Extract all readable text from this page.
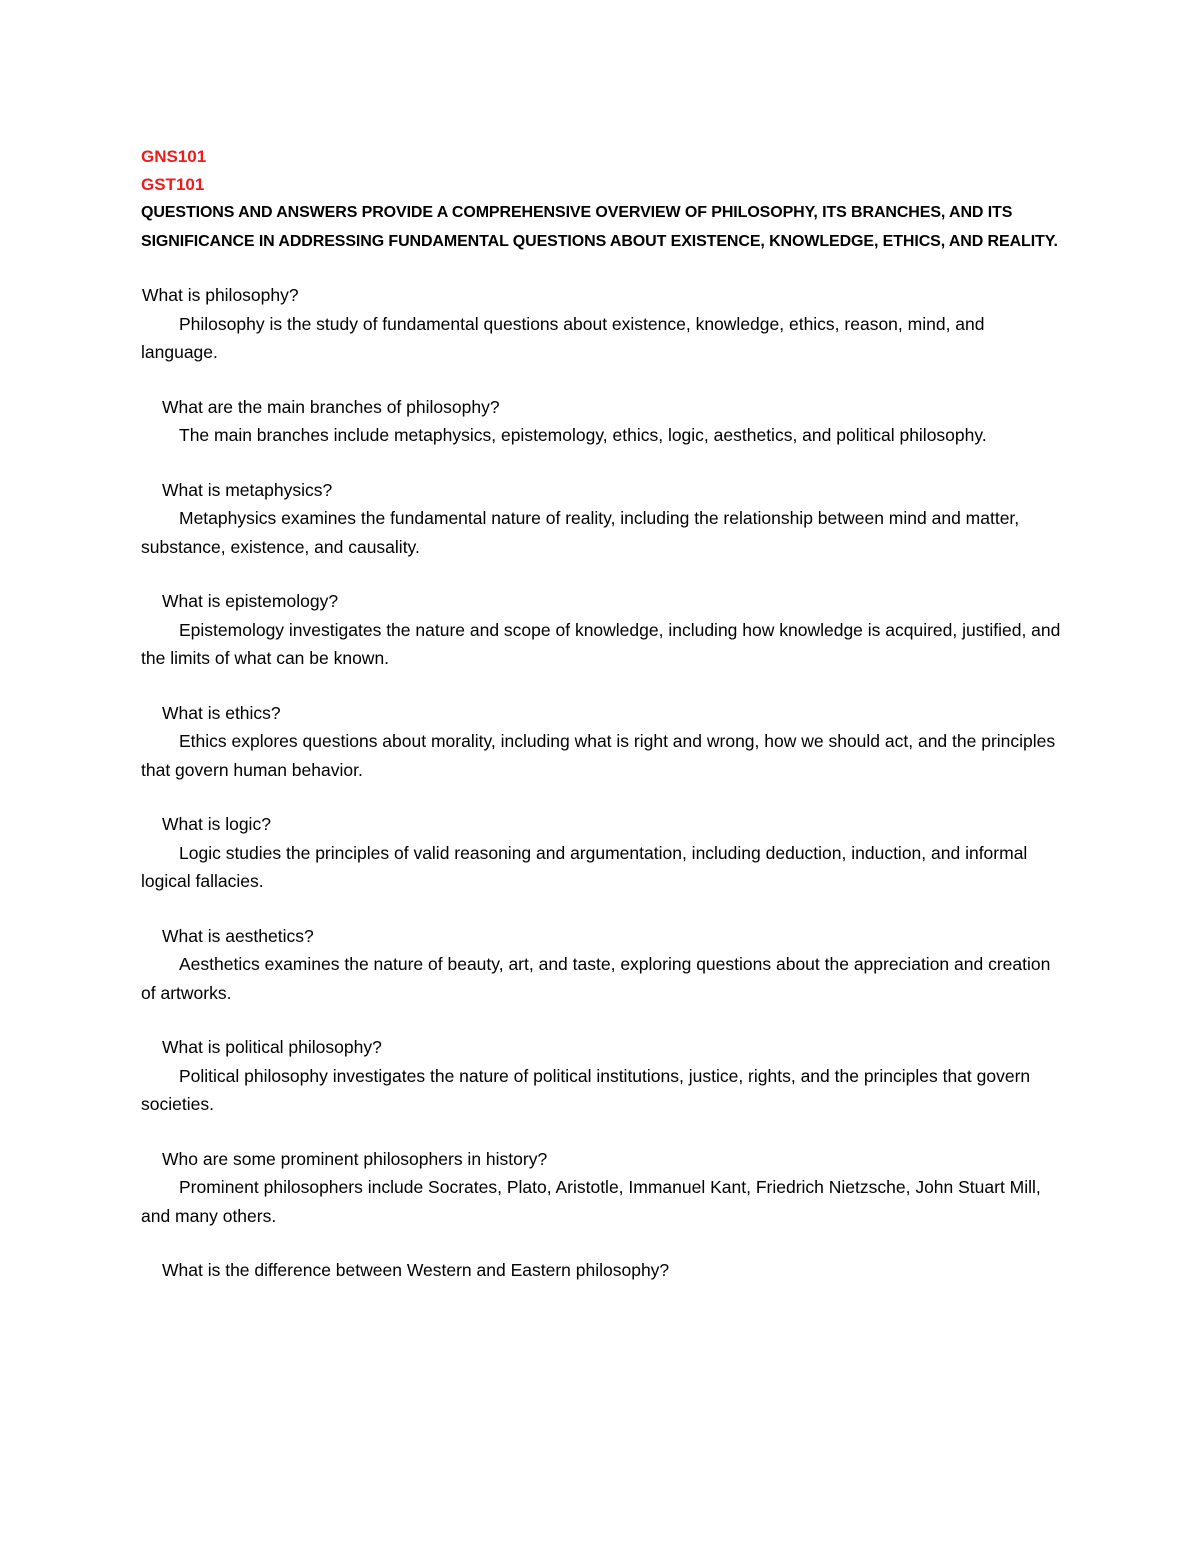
GNS101

GST101

QUESTIONS AND ANSWERS PROVIDE A COMPREHENSIVE OVERVIEW OF PHILOSOPHY, ITS BRANCHES, AND ITS SIGNIFICANCE IN ADDRESSING FUNDAMENTAL QUESTIONS ABOUT EXISTENCE, KNOWLEDGE, ETHICS, AND REALITY.

What is philosophy?

Philosophy is the study of fundamental questions about existence, knowledge, ethics, reason, mind, and language.

What are the main branches of philosophy?

The main branches include metaphysics, epistemology, ethics, logic, aesthetics, and political philosophy.

What is metaphysics?

Metaphysics examines the fundamental nature of reality, including the relationship between mind and matter, substance, existence, and causality.

What is epistemology?

Epistemology investigates the nature and scope of knowledge, including how knowledge is acquired, justified, and the limits of what can be known.

What is ethics?

Ethics explores questions about morality, including what is right and wrong, how we should act, and the principles that govern human behavior.

What is logic?

Logic studies the principles of valid reasoning and argumentation, including deduction, induction, and informal logical fallacies.

What is aesthetics?

Aesthetics examines the nature of beauty, art, and taste, exploring questions about the appreciation and creation of artworks.

What is political philosophy?

Political philosophy investigates the nature of political institutions, justice, rights, and the principles that govern societies.

Who are some prominent philosophers in history?

Prominent philosophers include Socrates, Plato, Aristotle, Immanuel Kant, Friedrich Nietzsche, John Stuart Mill, and many others.

What is the difference between Western and Eastern philosophy?
